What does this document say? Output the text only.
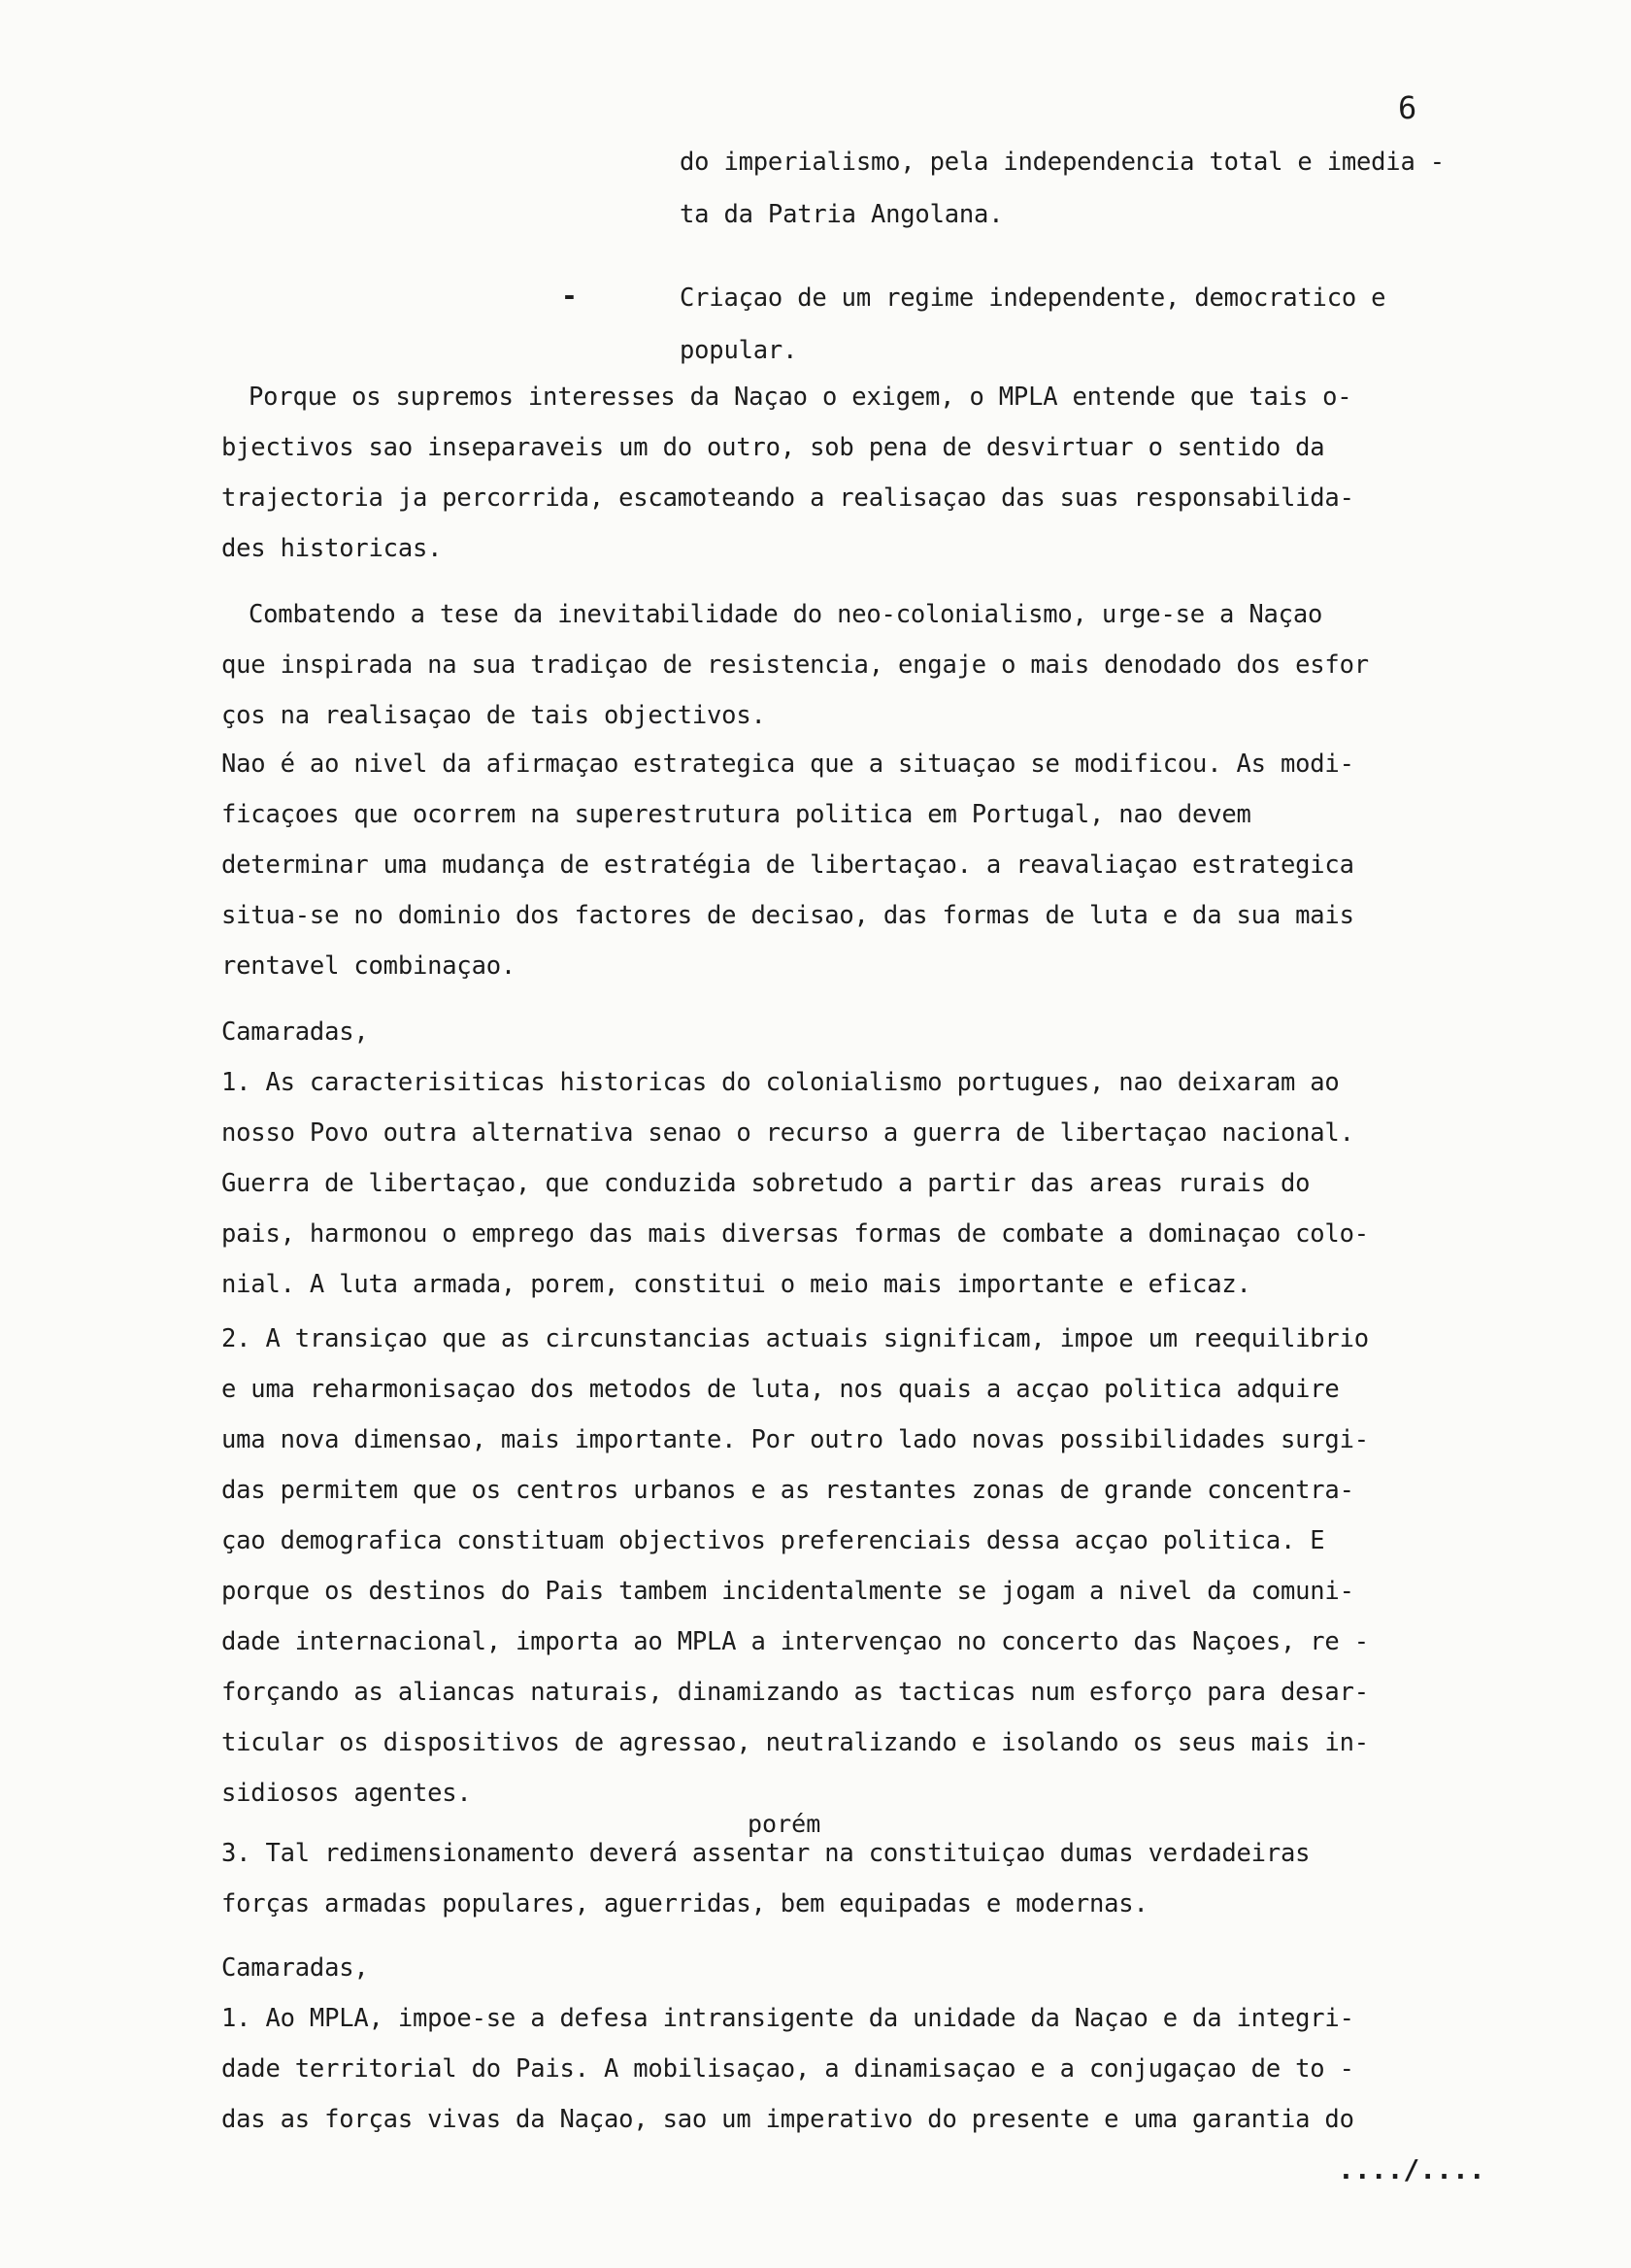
6
do imperialismo, pela independencia total e imedia -
ta da Patria Angolana.
-	Criaçao de um regime independente, democratico e
popular.
Porque os supremos interesses da Naçao o exigem, o MPLA entende que tais o-
bjectivos sao inseparaveis um do outro, sob pena de desvirtuar o sentido da
trajectoria ja percorrida, escamoteando a realisaçao das suas responsabilida-
des historicas.
Combatendo a tese da inevitabilidade do neo-colonialismo, urge-se a Naçao
que inspirada na sua tradiçao de resistencia, engaje o mais denodado dos esfor
ços na realisaçao de tais objectivos.
Nao é ao nivel da afirmaçao estrategica que a situaçao se modificou. As modi-
ficaçoes que ocorrem na superestrutura politica em Portugal, nao devem
determinar uma mudança de estratégia de libertaçao. a reavaliaçao estrategica
situa-se no dominio dos factores de decisao, das formas de luta e da sua mais
rentavel combinaçao.
Camaradas,
1. As caracterisiticas historicas do colonialismo portugues, nao deixaram ao
nosso Povo outra alternativa senao o recurso a guerra de libertaçao nacional.
Guerra de libertaçao, que conduzida sobretudo a partir das areas rurais do
pais, harmonou o emprego das mais diversas formas de combate a dominaçao colo-
nial. A luta armada, porem, constitui o meio mais importante e eficaz.
2. A transiçao que as circunstancias actuais significam, impoe um reequilibrio
e uma reharmonisaçao dos metodos de luta, nos quais a acçao politica adquire
uma nova dimensao, mais importante. Por outro lado novas possibilidades surgi-
das permitem que os centros urbanos e as restantes zonas de grande concentra-
çao demografica constituam objectivos preferenciais dessa acçao politica. E
porque os destinos do Pais tambem incidentalmente se jogam a nivel da comuni-
dade internacional, importa ao MPLA a intervençao no concerto das Naçoes, re -
forçando as aliancas naturais, dinamizando as tacticas num esforço para desar-
ticular os dispositivos de agressao, neutralizando e isolando os seus mais in-
sidiosos agentes.
porém
3. Tal redimensionamento deverá assentar na constituiçao dumas verdadeiras
forças armadas populares, aguerridas, bem equipadas e modernas.
Camaradas,
1. Ao MPLA, impoe-se a defesa intransigente da unidade da Naçao e da integri-
dade territorial do Pais. A mobilisaçao, a dinamisaçao e a conjugaçao de to -
das as forças vivas da Naçao, sao um imperativo do presente e uma garantia do
..../....
